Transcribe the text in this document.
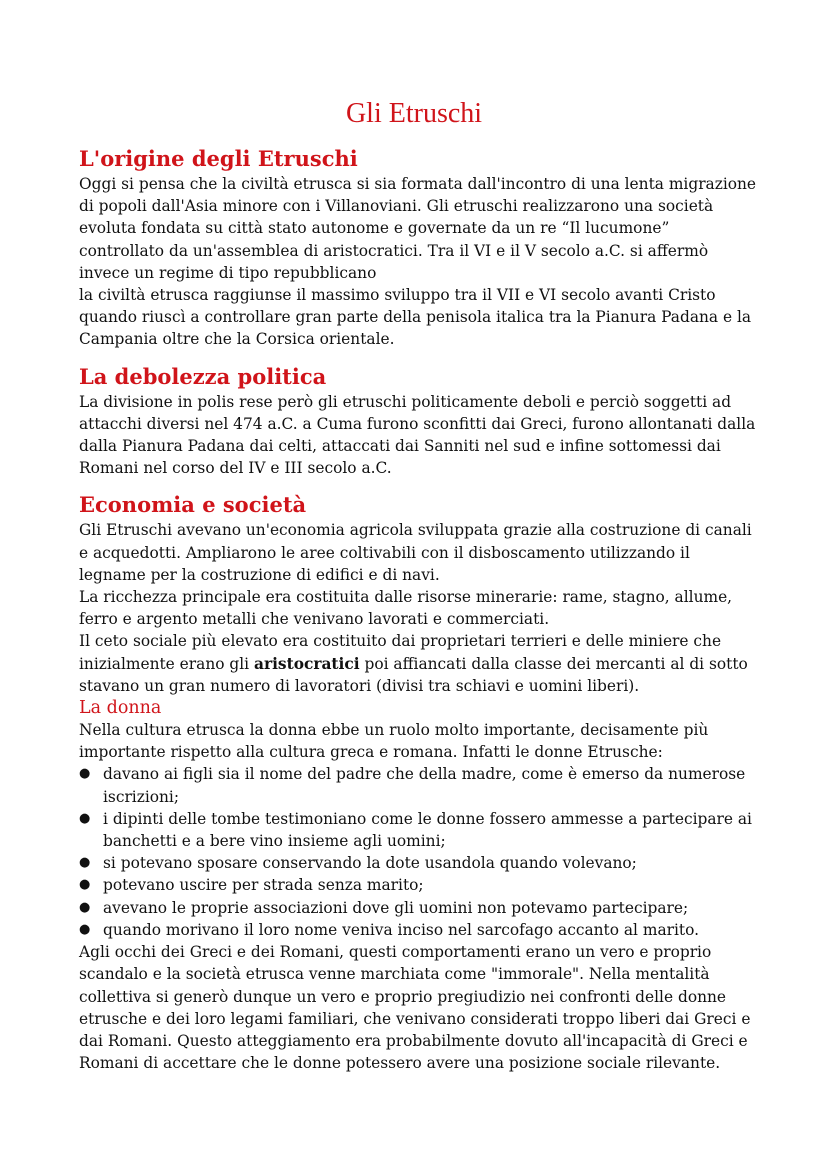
Gli Etruschi
L'origine degli Etruschi

Oggi si pensa che la civiltà etrusca si sia formata dall'incontro di una lenta migrazione di popoli dall'Asia minore con i Villanoviani. Gli etruschi realizzarono una società evoluta fondata su città stato autonome e governate da un re “Il lucumone” controllato da un'assemblea di aristocratici. Tra il VI e il V secolo a.C. si affermò invece un regime di tipo repubblicano

la civiltà etrusca raggiunse il massimo sviluppo tra il VII e VI secolo avanti Cristo quando riuscì a controllare gran parte della penisola italica tra la Pianura Padana e la Campania oltre che la Corsica orientale.

La debolezza politica

La divisione in polis rese però gli etruschi politicamente deboli e perciò soggetti ad attacchi diversi nel 474 a.C. a Cuma furono sconfitti dai Greci, furono allontanati dalla dalla Pianura Padana dai celti, attaccati dai Sanniti nel sud e infine sottomessi dai Romani nel corso del IV e III secolo a.C.

Economia e società

Gli Etruschi avevano un'economia agricola sviluppata grazie alla costruzione di canali e acquedotti. Ampliarono le aree coltivabili con il disboscamento utilizzando il legname per la costruzione di edifici e di navi.

La ricchezza principale era costituita dalle risorse minerarie: rame, stagno, allume, ferro e argento metalli che venivano lavorati e commerciati.

Il ceto sociale più elevato era costituito dai proprietari terrieri e delle miniere che inizialmente erano gli aristocratici poi affiancati dalla classe dei mercanti al di sotto stavano un gran numero di lavoratori (divisi tra schiavi e uomini liberi).

La donna

Nella cultura etrusca la donna ebbe un ruolo molto importante, decisamente più importante rispetto alla cultura greca e romana. Infatti le donne Etrusche:

● davano ai figli sia il nome del padre che della madre, come è emerso da numerose iscrizioni;
● i dipinti delle tombe testimoniano come le donne fossero ammesse a partecipare ai banchetti e a bere vino insieme agli uomini;
● si potevano sposare conservando la dote usandola quando volevano;
● potevano uscire per strada senza marito;
● avevano le proprie associazioni dove gli uomini non potevamo partecipare;
● quando morivano il loro nome veniva inciso nel sarcofago accanto al marito.

Agli occhi dei Greci e dei Romani, questi comportamenti erano un vero e proprio scandalo e la società etrusca venne marchiata come "immorale". Nella mentalità collettiva si generò dunque un vero e proprio pregiudizio nei confronti delle donne etrusche e dei loro legami familiari, che venivano considerati troppo liberi dai Greci e dai Romani. Questo atteggiamento era probabilmente dovuto all'incapacità di Greci e Romani di accettare che le donne potessero avere una posizione sociale rilevante.
